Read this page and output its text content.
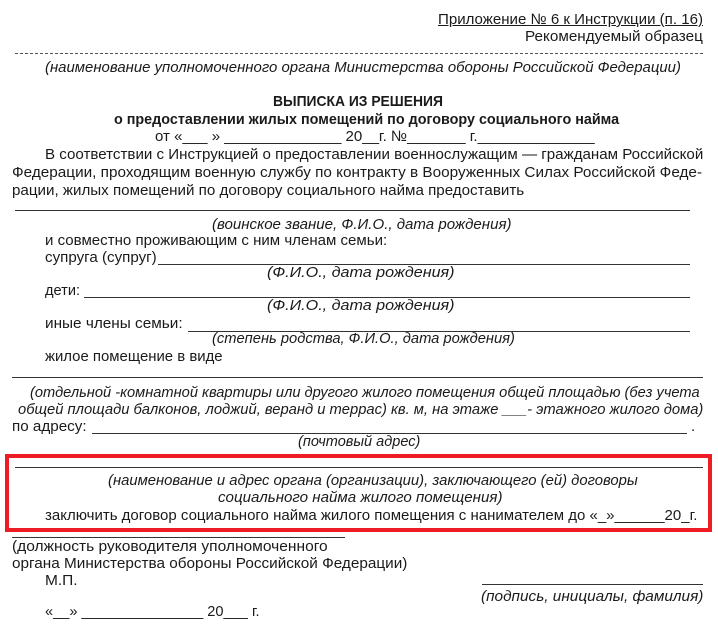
Приложение № 6 к Инструкции (п. 16)
Рекомендуемый образец
(наименование уполномоченного органа Министерства обороны Российской Федерации)
ВЫПИСКА ИЗ РЕШЕНИЯ
о предоставлении жилых помещений по договору социального найма
от «___ » ______________ 20__г. №_______ г.______________
В соответствии с Инструкцией о предоставлении военнослужащим — гражданам Российской
Федерации, проходящим военную службу по контракту в Вооруженных Силах Российской Феде-
рации, жилых помещений по договору социального найма предоставить
(воинское звание, Ф.И.О., дата рождения)
и совместно проживающим с ним членам семьи:
супруга (супруг)
(Ф.И.О., дата рождения)
дети:
(Ф.И.О., дата рождения)
иные члены семьи:
(степень родства, Ф.И.О., дата рождения)
жилое помещение в виде
(отдельной -комнатной квартиры или другого жилого помещения общей площадью (без учета
общей площади балконов, лоджий, веранд и террас) кв. м, на этаже ___- этажного жилого дома)
по адресу:	.
(почтовый адрес)
(наименование и адрес органа (организации), заключающего (ей) договоры
социального найма жилого помещения)
заключить договор социального найма жилого помещения с нанимателем до «_»______20_г.
(должность руководителя уполномоченного
органа Министерства обороны Российской Федерации)
М.П.
(подпись, инициалы, фамилия)
«__» _______________ 20___ г.
